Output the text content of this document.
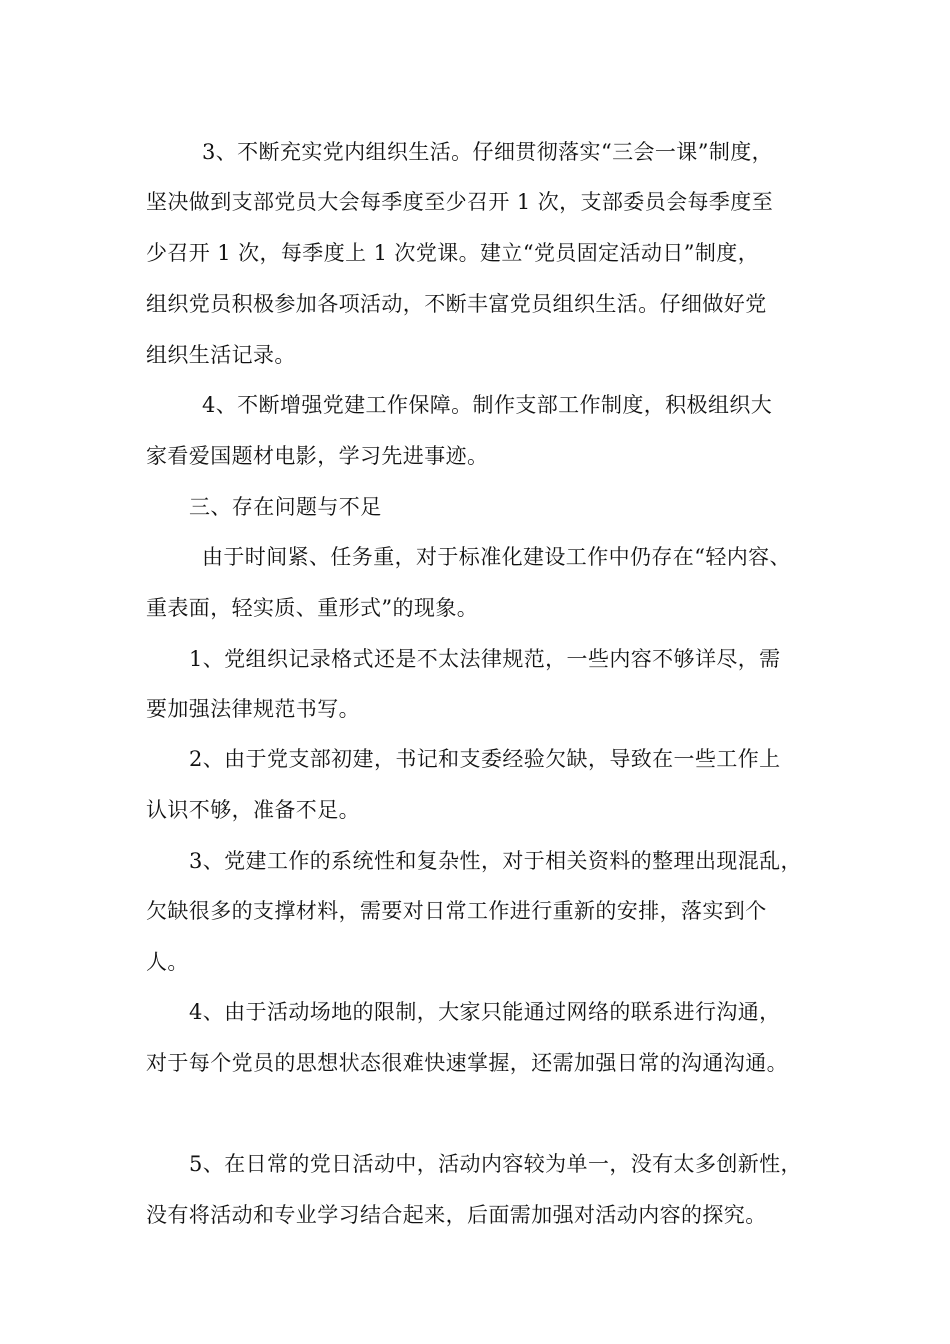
3、不断充实党内组织生活。仔细贯彻落实“三会一课”制度，
坚决做到支部党员大会每季度至少召开 1 次，支部委员会每季度至
少召开 1 次，每季度上 1 次党课。建立“党员固定活动日”制度，
组织党员积极参加各项活动，不断丰富党员组织生活。仔细做好党
组织生活记录。
4、不断增强党建工作保障。制作支部工作制度，积极组织大
家看爱国题材电影，学习先进事迹。
三、存在问题与不足
由于时间紧、任务重，对于标准化建设工作中仍存在“轻内容、
重表面，轻实质、重形式”的现象。
1、党组织记录格式还是不太法律规范，一些内容不够详尽，需
要加强法律规范书写。
2、由于党支部初建，书记和支委经验欠缺，导致在一些工作上
认识不够，准备不足。
3、党建工作的系统性和复杂性，对于相关资料的整理出现混乱，
欠缺很多的支撑材料，需要对日常工作进行重新的安排，落实到个
人。
4、由于活动场地的限制，大家只能通过网络的联系进行沟通，
对于每个党员的思想状态很难快速掌握，还需加强日常的沟通沟通。
5、在日常的党日活动中，活动内容较为单一，没有太多创新性，
没有将活动和专业学习结合起来，后面需加强对活动内容的探究。
